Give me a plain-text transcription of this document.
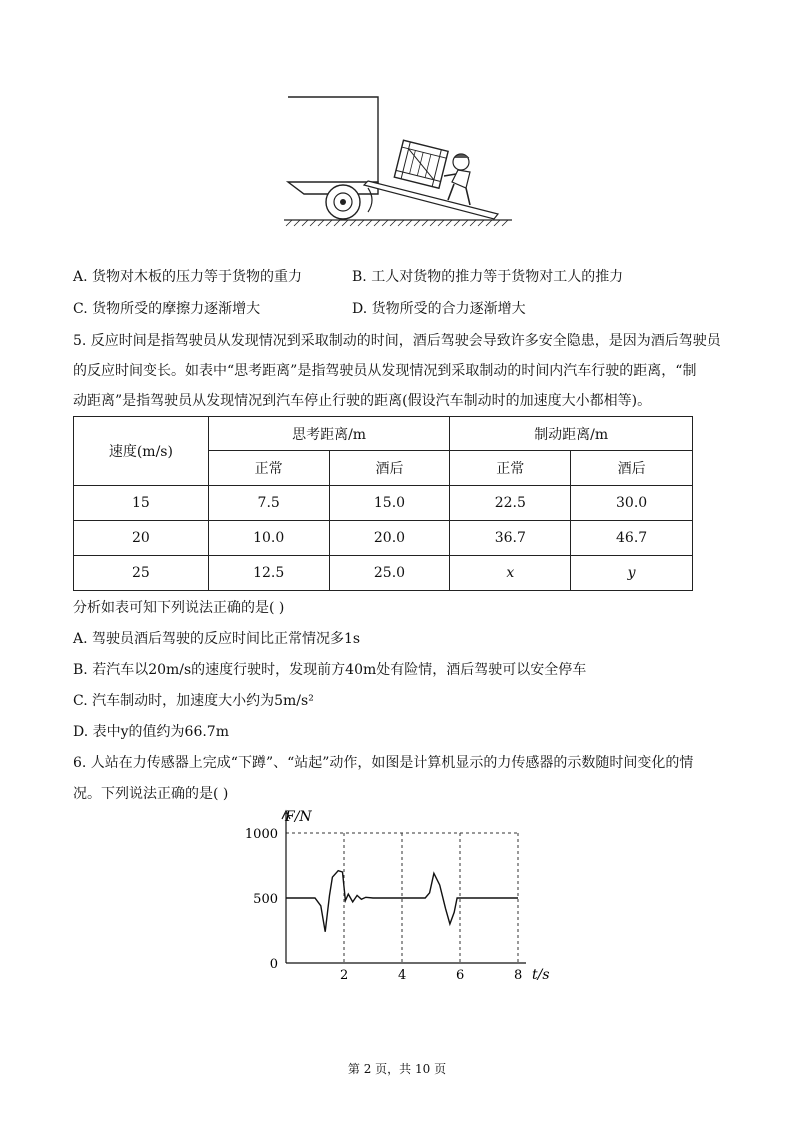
A. 货物对木板的压力等于货物的重力	B. 工人对货物的推力等于货物对工人的推力
C. 货物所受的摩擦力逐渐增大	D. 货物所受的合力逐渐增大
5. 反应时间是指驾驶员从发现情况到采取制动的时间，酒后驾驶会导致许多安全隐患，是因为酒后驾驶员
的反应时间变长。如表中“思考距离”是指驾驶员从发现情况到采取制动的时间内汽车行驶的距离，“制
动距离”是指驾驶员从发现情况到汽车停止行驶的距离(假设汽车制动时的加速度大小都相等)。
速度(m/s)	思考距离/m		制动距离/m	
	正常	酒后	正常	酒后
15	7.5	15.0	22.5	30.0
20	10.0	20.0	36.7	46.7
25	12.5	25.0	x	y
分析如表可知下列说法正确的是( )
A. 驾驶员酒后驾驶的反应时间比正常情况多1s
B. 若汽车以20m/s的速度行驶时，发现前方40m处有险情，酒后驾驶可以安全停车
C. 汽车制动时，加速度大小约为5m/s²
D. 表中y的值约为66.7m
6. 人站在力传感器上完成“下蹲”、“站起”动作，如图是计算机显示的力传感器的示数随时间变化的情
况。下列说法正确的是( )
F/N
t/s
2	4	6	8
1000
500
0
第 2 页，共 10 页
